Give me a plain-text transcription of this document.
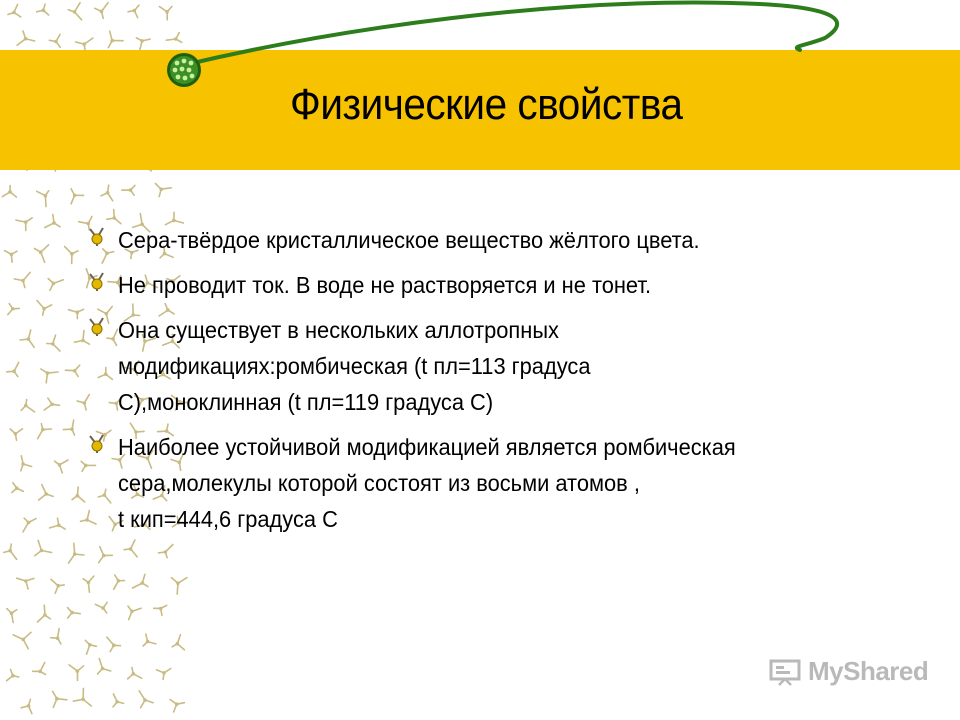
Физические свойства
Сера-твёрдое кристаллическое вещество жёлтого цвета.
Не проводит ток. В воде не растворяется и не тонет.
Она существует в нескольких аллотропных
модификациях:ромбическая (t пл=113 градуса
C),моноклинная (t пл=119 градуса С)
Наиболее устойчивой модификацией является ромбическая
сера,молекулы которой состоят из восьми атомов ,
t кип=444,6 градуса С
MyShared
